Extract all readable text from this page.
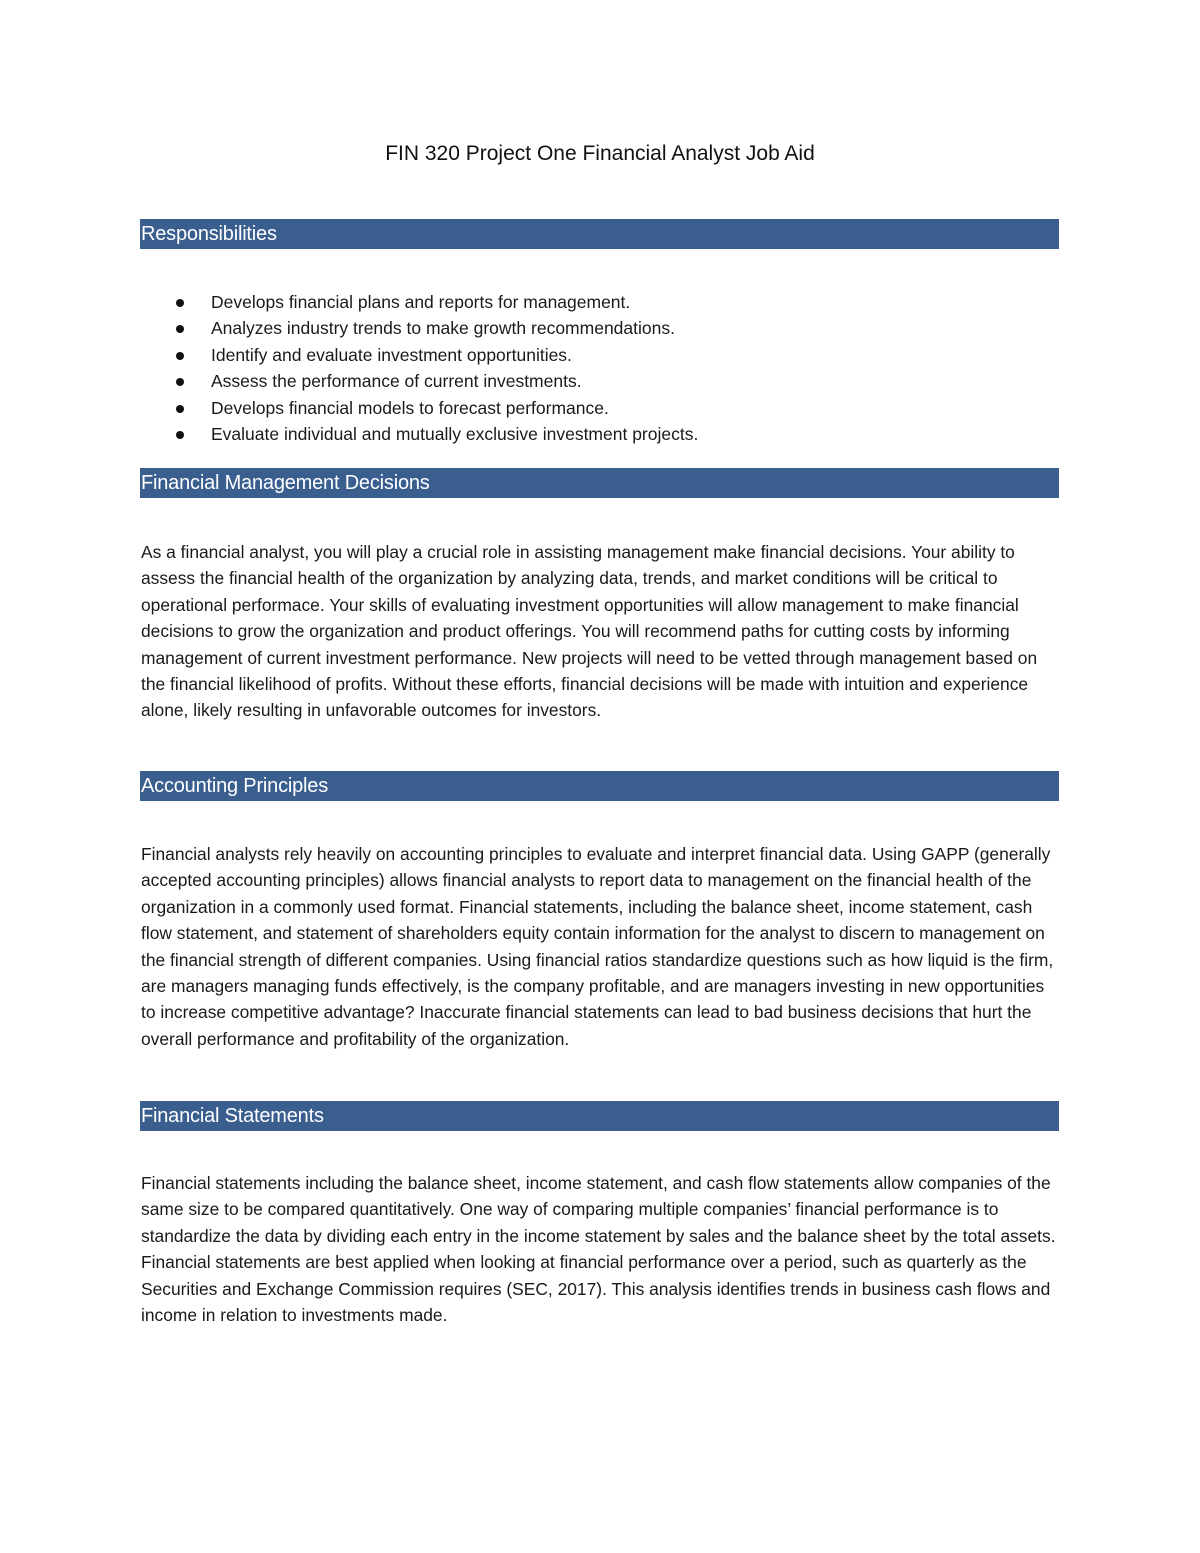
FIN 320 Project One Financial Analyst Job Aid
Responsibilities
Develops financial plans and reports for management.
Analyzes industry trends to make growth recommendations.
Identify and evaluate investment opportunities.
Assess the performance of current investments.
Develops financial models to forecast performance.
Evaluate individual and mutually exclusive investment projects.
Financial Management Decisions

As a financial analyst, you will play a crucial role in assisting management make financial decisions. Your ability to assess the financial health of the organization by analyzing data, trends, and market conditions will be critical to operational performace. Your skills of evaluating investment opportunities will allow management to make financial decisions to grow the organization and product offerings. You will recommend paths for cutting costs by informing management of current investment performance. New projects will need to be vetted through management based on the financial likelihood of profits. Without these efforts, financial decisions will be made with intuition and experience alone, likely resulting in unfavorable outcomes for investors.

Accounting Principles

Financial analysts rely heavily on accounting principles to evaluate and interpret financial data. Using GAPP (generally accepted accounting principles) allows financial analysts to report data to management on the financial health of the organization in a commonly used format. Financial statements, including the balance sheet, income statement, cash flow statement, and statement of shareholders equity contain information for the analyst to discern to management on the financial strength of different companies. Using financial ratios standardize questions such as how liquid is the firm, are managers managing funds effectively, is the company profitable, and are managers investing in new opportunities to increase competitive advantage? Inaccurate financial statements can lead to bad business decisions that hurt the overall performance and profitability of the organization.

Financial Statements

Financial statements including the balance sheet, income statement, and cash flow statements allow companies of the same size to be compared quantitatively. One way of comparing multiple companies’ financial performance is to standardize the data by dividing each entry in the income statement by sales and the balance sheet by the total assets. Financial statements are best applied when looking at financial performance over a period, such as quarterly as the Securities and Exchange Commission requires (SEC, 2017). This analysis identifies trends in business cash flows and income in relation to investments made.
